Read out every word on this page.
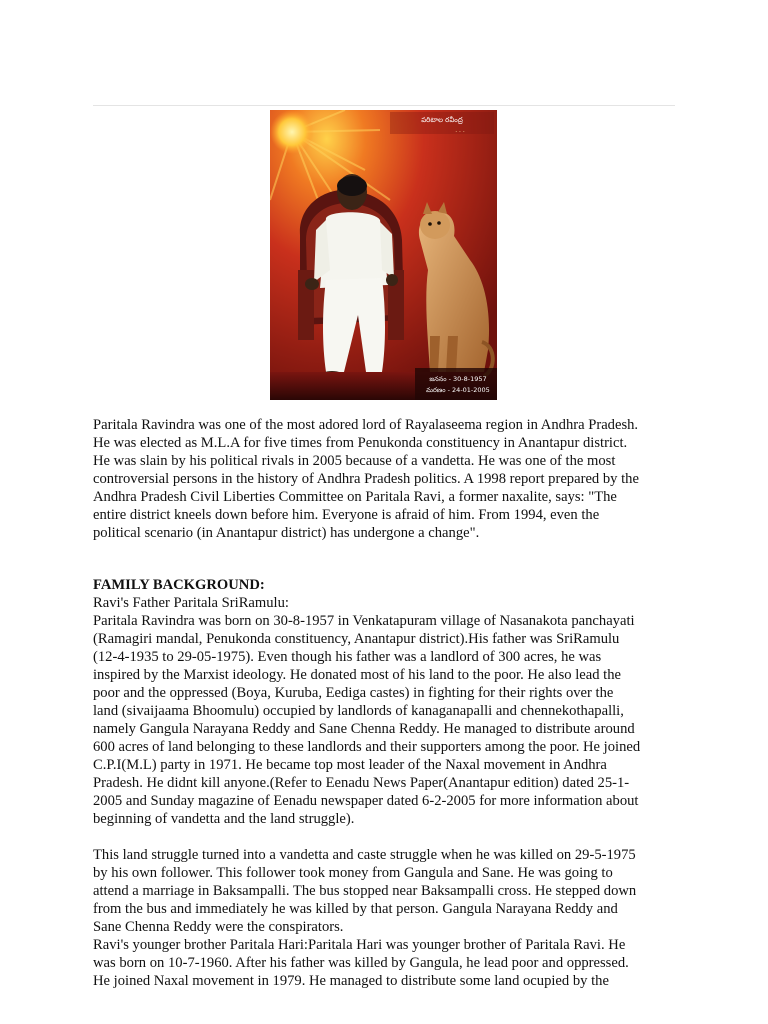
పరిటాల రవీంద్ర
. . .
జననం - 30-8-1957
మరణం - 24-01-2005

Paritala Ravindra was one of the most adored lord of Rayalaseema region in Andhra Pradesh.

He was elected as M.L.A for five times from Penukonda constituency in Anantapur district.

He was slain by his political rivals in 2005 because of a vandetta. He was one of the most

controversial persons in the history of Andhra Pradesh politics. A 1998 report prepared by the

Andhra Pradesh Civil Liberties Committee on Paritala Ravi, a former naxalite, says: "The

entire district kneels down before him. Everyone is afraid of him. From 1994, even the

political scenario (in Anantapur district) has undergone a change".

FAMILY BACKGROUND:

Ravi's Father Paritala SriRamulu:

Paritala Ravindra was born on 30-8-1957 in Venkatapuram village of Nasanakota panchayati

(Ramagiri mandal, Penukonda constituency, Anantapur district).His father was SriRamulu

(12-4-1935 to 29-05-1975). Even though his father was a landlord of 300 acres, he was

inspired by the Marxist ideology. He donated most of his land to the poor. He also lead the

poor and the oppressed (Boya, Kuruba, Eediga castes) in fighting for their rights over the

land (sivaijaama Bhoomulu) occupied by landlords of kanaganapalli and chennekothapalli,

namely Gangula Narayana Reddy and Sane Chenna Reddy. He managed to distribute around

600 acres of land belonging to these landlords and their supporters among the poor. He joined

C.P.I(M.L) party in 1971. He became top most leader of the Naxal movement in Andhra

Pradesh. He didnt kill anyone.(Refer to Eenadu News Paper(Anantapur edition) dated 25-1-

2005 and Sunday magazine of Eenadu newspaper dated 6-2-2005 for more information about

beginning of vandetta and the land struggle).

This land struggle turned into a vandetta and caste struggle when he was killed on 29-5-1975

by his own follower. This follower took money from Gangula and Sane. He was going to

attend a marriage in Baksampalli. The bus stopped near Baksampalli cross. He stepped down

from the bus and immediately he was killed by that person. Gangula Narayana Reddy and

Sane Chenna Reddy were the conspirators.

Ravi's younger brother Paritala Hari:Paritala Hari was younger brother of Paritala Ravi. He

was born on 10-7-1960. After his father was killed by Gangula, he lead poor and oppressed.

He joined Naxal movement in 1979. He managed to distribute some land ocupied by the
